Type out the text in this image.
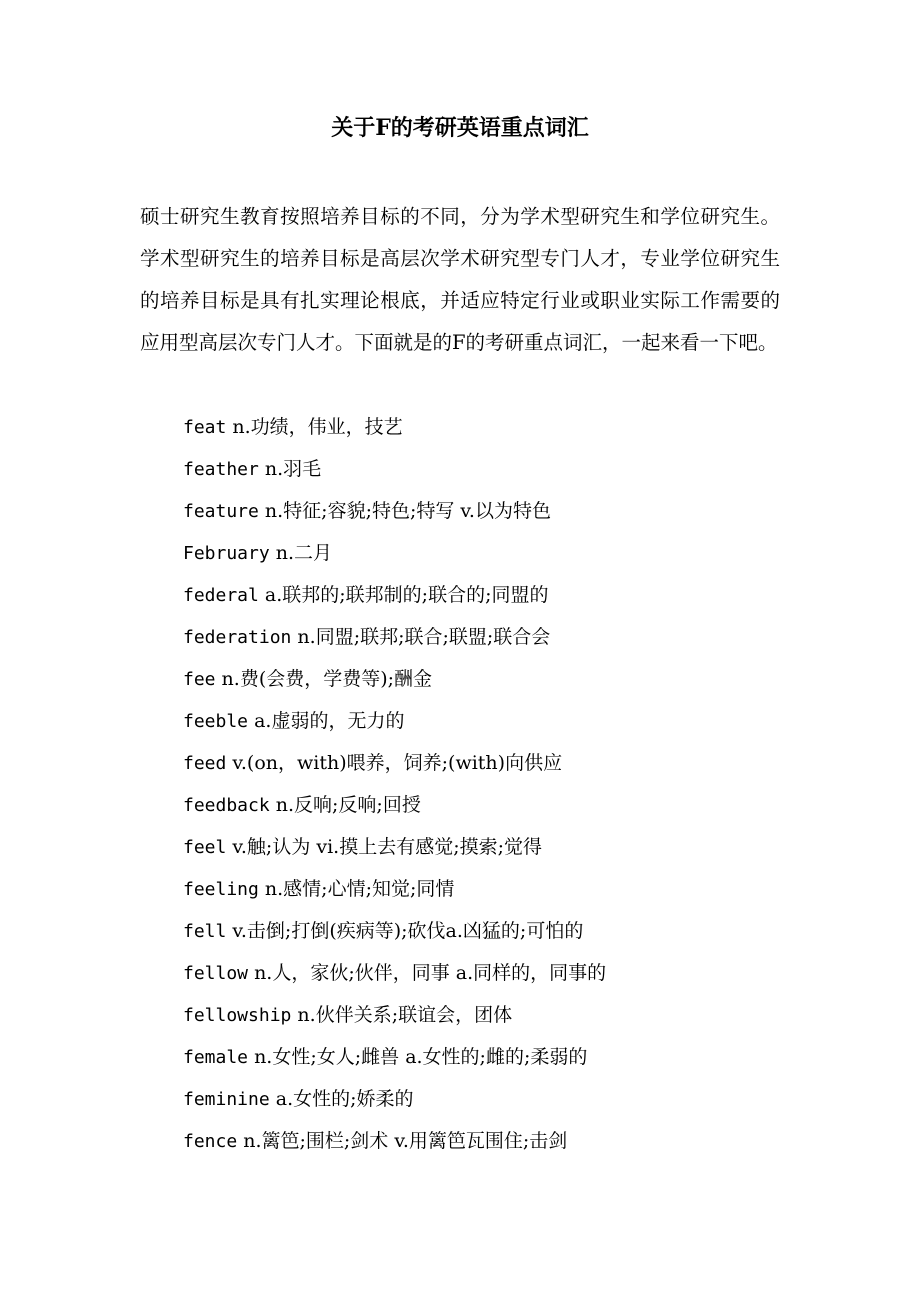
关于F的考研英语重点词汇

硕士研究生教育按照培养目标的不同，分为学术型研究生和学位研究生。学术型研究生的培养目标是高层次学术研究型专门人才，专业学位研究生的培养目标是具有扎实理论根底，并适应特定行业或职业实际工作需要的应用型高层次专门人才。下面就是的F的考研重点词汇，一起来看一下吧。

feat n.功绩，伟业，技艺
feather n.羽毛
feature n.特征;容貌;特色;特写 v.以为特色
February n.二月
federal a.联邦的;联邦制的;联合的;同盟的
federation n.同盟;联邦;联合;联盟;联合会
fee n.费(会费，学费等);酬金
feeble a.虚弱的，无力的
feed v.(on，with)喂养，饲养;(with)向供应
feedback n.反响;反响;回授
feel v.触;认为 vi.摸上去有感觉;摸索;觉得
feeling n.感情;心情;知觉;同情
fell v.击倒;打倒(疾病等);砍伐a.凶猛的;可怕的
fellow n.人，家伙;伙伴，同事 a.同样的，同事的
fellowship n.伙伴关系;联谊会，团体
female n.女性;女人;雌兽 a.女性的;雌的;柔弱的
feminine a.女性的;娇柔的
fence n.篱笆;围栏;剑术 v.用篱笆瓦围住;击剑
